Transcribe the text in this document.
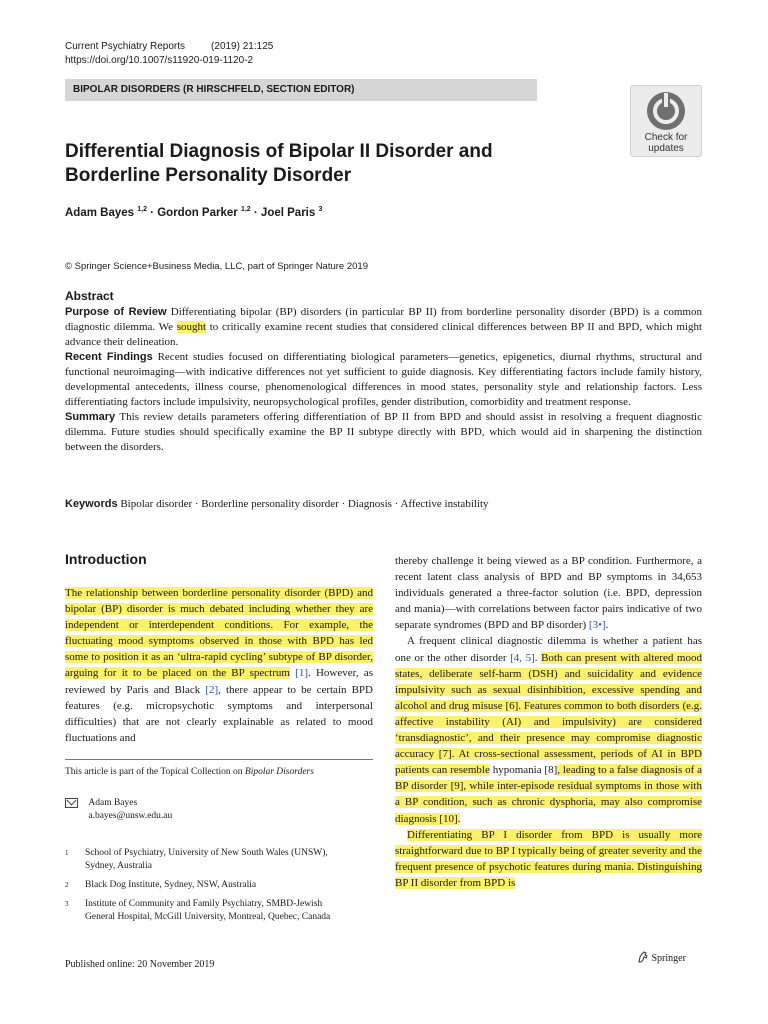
Current Psychiatry Reports	(2019) 21:125
https://doi.org/10.1007/s11920-019-1120-2
BIPOLAR DISORDERS (R HIRSCHFELD, SECTION EDITOR)
Check for
updates
Differential Diagnosis of Bipolar II Disorder and Borderline Personality Disorder
Adam Bayes $^{1,2}$ · Gordon Parker $^{1,2}$ · Joel Paris $^3$
© Springer Science+Business Media, LLC, part of Springer Nature 2019
Abstract

Purpose of Review Differentiating bipolar (BP) disorders (in particular BP II) from borderline personality disorder (BPD) is a common diagnostic dilemma. We sought to critically examine recent studies that considered clinical differences between BP II and BPD, which might advance their delineation.

Recent Findings Recent studies focused on differentiating biological parameters—genetics, epigenetics, diurnal rhythms, structural and functional neuroimaging—with indicative differences not yet sufficient to guide diagnosis. Key differentiating factors include family history, developmental antecedents, illness course, phenomenological differences in mood states, personality style and relationship factors. Less differentiating factors include impulsivity, neuropsychological profiles, gender distribution, comorbidity and treatment response.

Summary This review details parameters offering differentiation of BP II from BPD and should assist in resolving a frequent diagnostic dilemma. Future studies should specifically examine the BP II subtype directly with BPD, which would aid in sharpening the distinction between the disorders.

Keywords Bipolar disorder · Borderline personality disorder · Diagnosis · Affective instability
Introduction

The relationship between borderline personality disorder (BPD) and bipolar (BP) disorder is much debated including whether they are independent or interdependent conditions. For example, the fluctuating mood symptoms observed in those with BPD has led some to position it as an ‘ultra-rapid cycling’ subtype of BP disorder, arguing for it to be placed on the BP spectrum [1]. However, as reviewed by Paris and Black [2], there appear to be certain BPD features (e.g. micropsychotic symptoms and interpersonal difficulties) that are not clearly explainable as related to mood fluctuations and

thereby challenge it being viewed as a BP condition. Furthermore, a recent latent class analysis of BPD and BP symptoms in 34,653 individuals generated a three-factor solution (i.e. BPD, depression and mania)—with correlations between factor pairs indicative of two separate syndromes (BPD and BP disorder) [3•].

A frequent clinical diagnostic dilemma is whether a patient has one or the other disorder [4, 5]. Both can present with altered mood states, deliberate self-harm (DSH) and suicidality and evidence impulsivity such as sexual disinhibition, excessive spending and alcohol and drug misuse [6]. Features common to both disorders (e.g. affective instability (AI) and impulsivity) are considered ‘transdiagnostic’, and their presence may compromise diagnostic accuracy [7]. At cross-sectional assessment, periods of AI in BPD patients can resemble hypomania [8], leading to a false diagnosis of a BP disorder [9], while inter-episode residual symptoms in those with a BP condition, such as chronic dysphoria, may also compromise diagnosis [10].

Differentiating BP I disorder from BPD is usually more straightforward due to BP I typically being of greater severity and the frequent presence of psychotic features during mania. Distinguishing BP II disorder from BPD is

This article is part of the Topical Collection on Bipolar Disorders

Adam Bayes
a.bayes@unsw.edu.au
1 School of Psychiatry, University of New South Wales (UNSW),
Sydney, Australia
2 Black Dog Institute, Sydney, NSW, Australia
3 Institute of Community and Family Psychiatry, SMBD-Jewish
General Hospital, McGill University, Montreal, Quebec, Canada
Published online: 20 November 2019
Springer
